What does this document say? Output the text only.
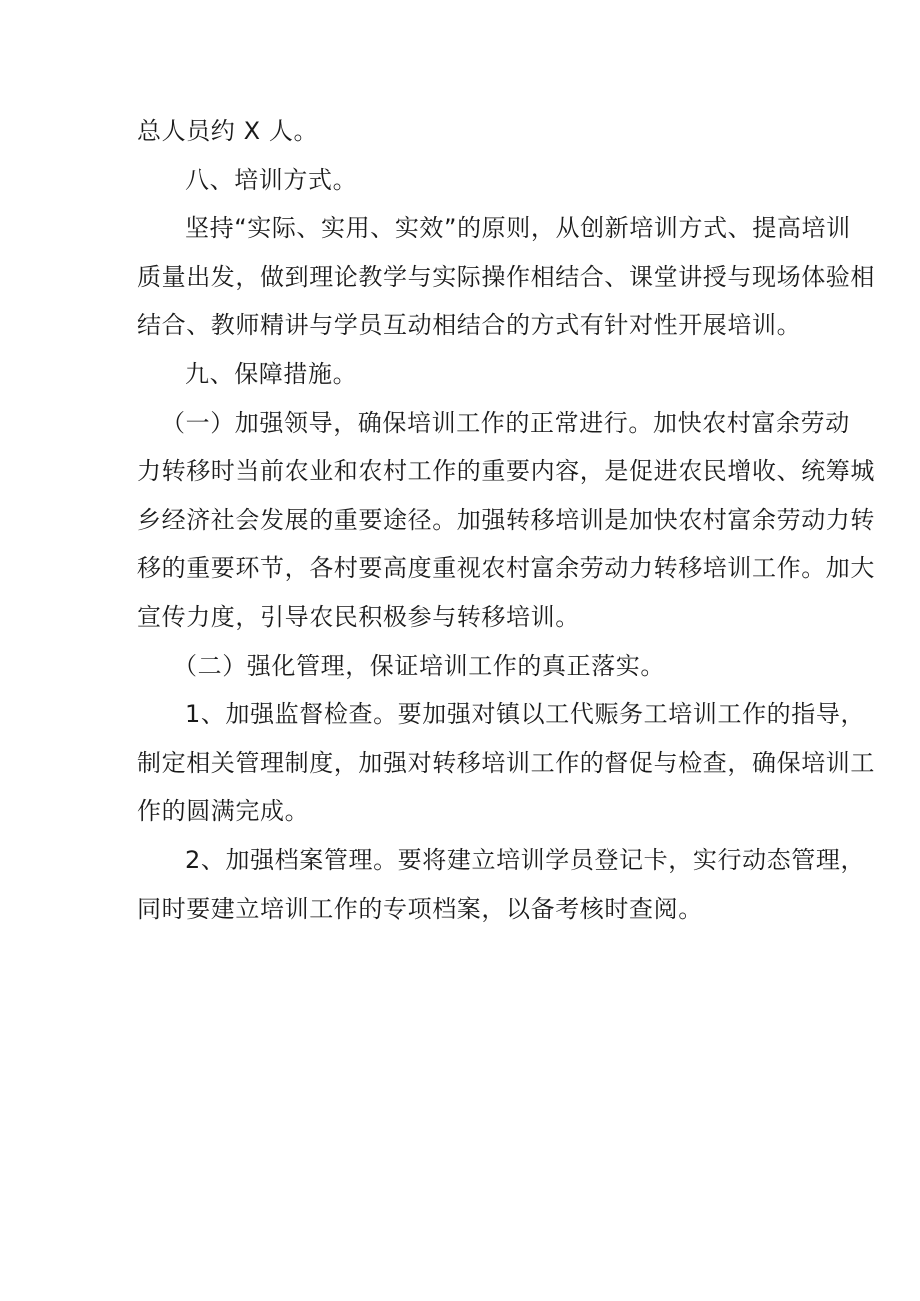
总人员约 X 人。
八、培训方式。
坚持“实际、实用、实效”的原则，从创新培训方式、提高培训
质量出发，做到理论教学与实际操作相结合、课堂讲授与现场体验相
结合、教师精讲与学员互动相结合的方式有针对性开展培训。
九、保障措施。
（一）加强领导，确保培训工作的正常进行。加快农村富余劳动
力转移时当前农业和农村工作的重要内容，是促进农民增收、统筹城
乡经济社会发展的重要途径。加强转移培训是加快农村富余劳动力转
移的重要环节，各村要高度重视农村富余劳动力转移培训工作。加大
宣传力度，引导农民积极参与转移培训。
（二）强化管理，保证培训工作的真正落实。
1、加强监督检查。要加强对镇以工代赈务工培训工作的指导，
制定相关管理制度，加强对转移培训工作的督促与检查，确保培训工
作的圆满完成。
2、加强档案管理。要将建立培训学员登记卡，实行动态管理，
同时要建立培训工作的专项档案，以备考核时查阅。
